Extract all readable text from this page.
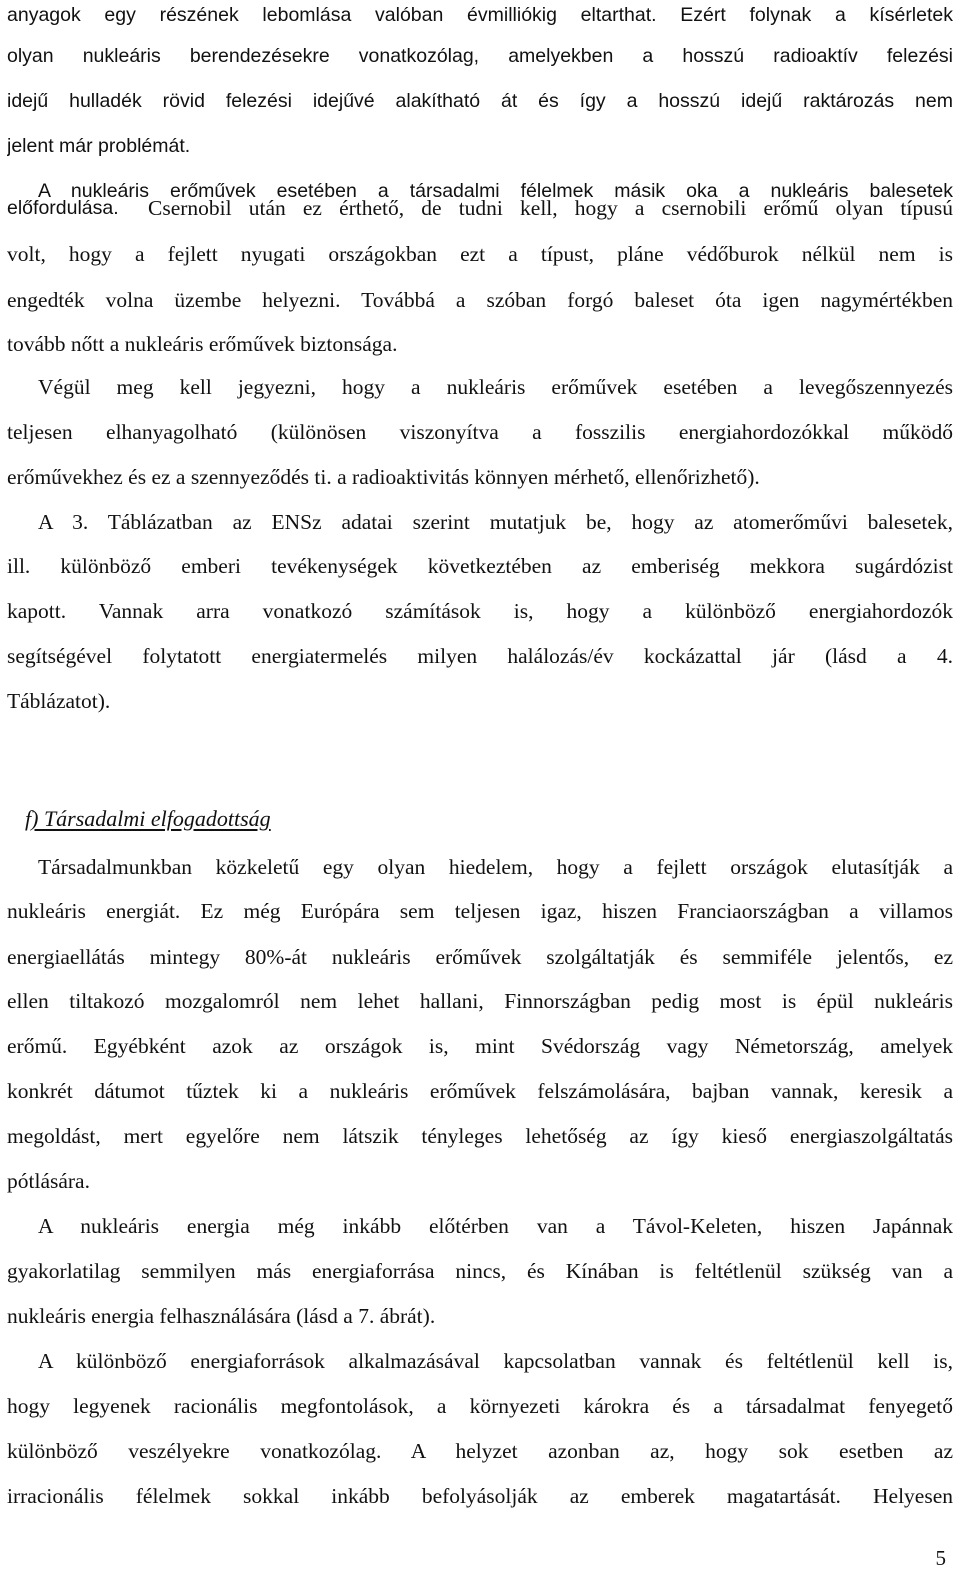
anyagok egy részének lebomlása valóban évmilliókig eltarthat. Ezért folynak a kísérletek
olyan nukleáris berendezésekre vonatkozólag, amelyekben a hosszú radioaktív felezési
idejű hulladék rövid felezési idejűvé alakítható át és így a hosszú idejű raktározás nem
jelent már problémát.
A nukleáris erőművek esetében a társadalmi félelmek másik oka a nukleáris balesetek
előfordulása. Csernobil után ez érthető, de tudni kell, hogy a csernobili erőmű olyan típusú
volt, hogy a fejlett nyugati országokban ezt a típust, pláne védőburok nélkül nem is
engedték volna üzembe helyezni. Továbbá a szóban forgó baleset óta igen nagymértékben
tovább nőtt a nukleáris erőművek biztonsága.
Végül meg kell jegyezni, hogy a nukleáris erőművek esetében a levegőszennyezés
teljesen elhanyagolható (különösen viszonyítva a fosszilis energiahordozókkal működő
erőművekhez és ez a szennyeződés ti. a radioaktivitás könnyen mérhető, ellenőrizhető).
A 3. Táblázatban az ENSz adatai szerint mutatjuk be, hogy az atomerőművi balesetek,
ill. különböző emberi tevékenységek következtében az emberiség mekkora sugárdózist
kapott. Vannak arra vonatkozó számítások is, hogy a különböző energiahordozók
segítségével folytatott energiatermelés milyen halálozás/év kockázattal jár (lásd a 4.
Táblázatot).
f) Társadalmi elfogadottság
Társadalmunkban közkeletű egy olyan hiedelem, hogy a fejlett országok elutasítják a
nukleáris energiát. Ez még Európára sem teljesen igaz, hiszen Franciaországban a villamos
energiaellátás mintegy 80%-át nukleáris erőművek szolgáltatják és semmiféle jelentős, ez
ellen tiltakozó mozgalomról nem lehet hallani, Finnországban pedig most is épül nukleáris
erőmű. Egyébként azok az országok is, mint Svédország vagy Németország, amelyek
konkrét dátumot tűztek ki a nukleáris erőművek felszámolására, bajban vannak, keresik a
megoldást, mert egyelőre nem látszik tényleges lehetőség az így kieső energiaszolgáltatás
pótlására.
A nukleáris energia még inkább előtérben van a Távol-Keleten, hiszen Japánnak
gyakorlatilag semmilyen más energiaforrása nincs, és Kínában is feltétlenül szükség van a
nukleáris energia felhasználására (lásd a 7. ábrát).
A különböző energiaforrások alkalmazásával kapcsolatban vannak és feltétlenül kell is,
hogy legyenek racionális megfontolások, a környezeti károkra és a társadalmat fenyegető
különböző veszélyekre vonatkozólag. A helyzet azonban az, hogy sok esetben az
irracionális félelmek sokkal inkább befolyásolják az emberek magatartását. Helyesen
5
